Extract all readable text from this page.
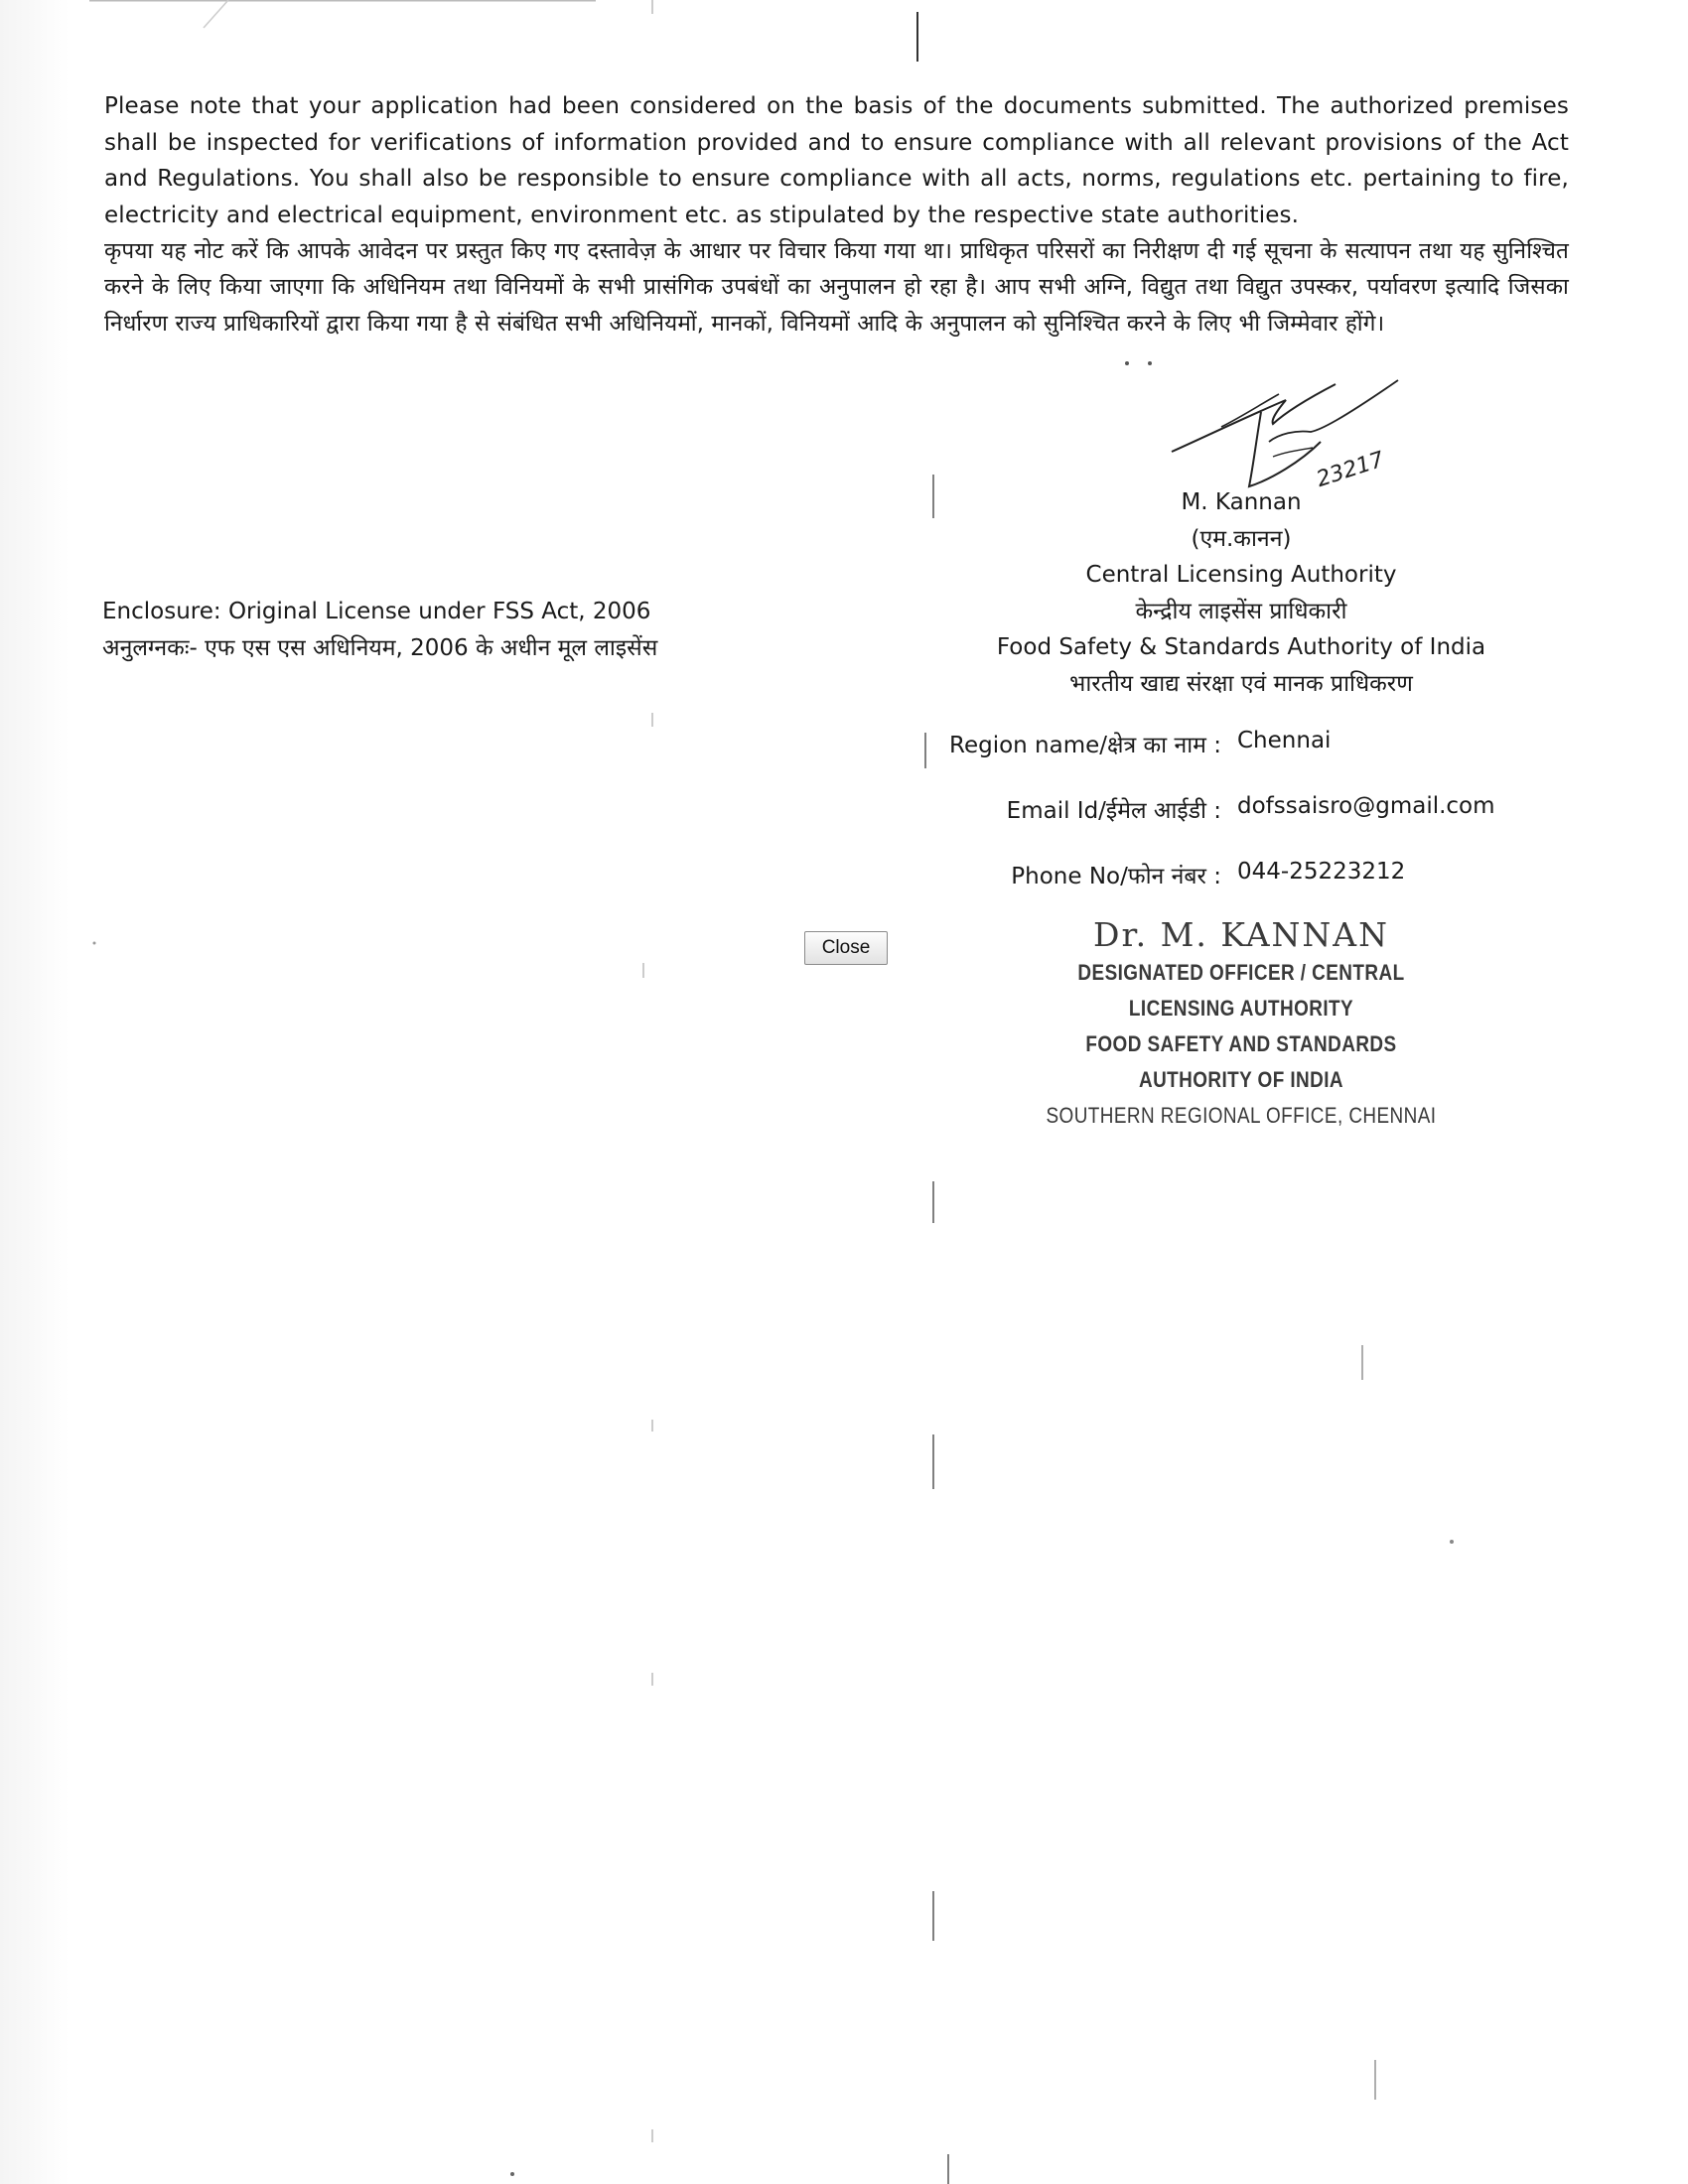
Please note that your application had been considered on the basis of the documents submitted. The authorized premises shall be inspected for verifications of information provided and to ensure compliance with all relevant provisions of the Act and Regulations. You shall also be responsible to ensure compliance with all acts, norms, regulations etc. pertaining to fire, electricity and electrical equipment, environment etc. as stipulated by the respective state authorities.

कृपया यह नोट करें कि आपके आवेदन पर प्रस्तुत किए गए दस्तावेज़ के आधार पर विचार किया गया था। प्राधिकृत परिसरों का निरीक्षण दी गई सूचना के सत्यापन तथा यह सुनिश्चित करने के लिए किया जाएगा कि अधिनियम तथा विनियमों के सभी प्रासंगिक उपबंधों का अनुपालन हो रहा है। आप सभी अग्नि, विद्युत तथा विद्युत उपस्कर, पर्यावरण इत्यादि जिसका निर्धारण राज्य प्राधिकारियों द्वारा किया गया है से संबंधित सभी अधिनियमों, मानकों, विनियमों आदि के अनुपालन को सुनिश्चित करने के लिए भी जिम्मेवार होंगे।

23217
M. Kannan
(एम.कानन)
Central Licensing Authority
केन्द्रीय लाइसेंस प्राधिकारी
Food Safety & Standards Authority of India
भारतीय खाद्य संरक्षा एवं मानक प्राधिकरण
Enclosure: Original License under FSS Act, 2006
अनुलग्नकः- एफ एस एस अधिनियम, 2006 के अधीन मूल लाइसेंस
Region name/क्षेत्र का नाम : Chennai
Email Id/ईमेल आईडी : dofssaisro@gmail.com
Phone No/फोन नंबर : 044-25223212
Close	Dr. M. KANNAN
DESIGNATED OFFICER / CENTRAL LICENSING AUTHORITY
FOOD SAFETY AND STANDARDS AUTHORITY OF INDIA
SOUTHERN REGIONAL OFFICE, CHENNAI
